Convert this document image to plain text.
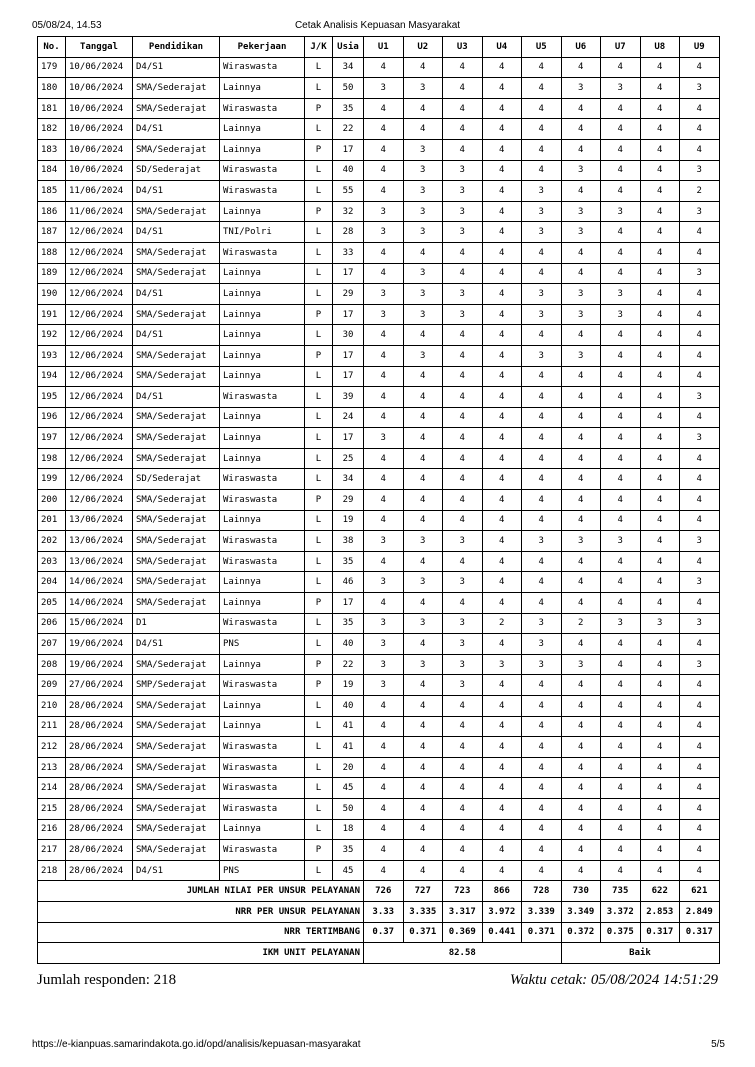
05/08/24, 14.53	Cetak Analisis Kepuasan Masyarakat
No.	Tanggal	Pendidikan	Pekerjaan	J/K	Usia	U1	U2	U3	U4	U5	U6	U7	U8	U9
179	10/06/2024	D4/S1	Wiraswasta	L	34	4	4	4	4	4	4	4	4	4
180	10/06/2024	SMA/Sederajat	Lainnya	L	50	3	3	4	4	4	3	3	4	3
181	10/06/2024	SMA/Sederajat	Wiraswasta	P	35	4	4	4	4	4	4	4	4	4
182	10/06/2024	D4/S1	Lainnya	L	22	4	4	4	4	4	4	4	4	4
183	10/06/2024	SMA/Sederajat	Lainnya	P	17	4	3	4	4	4	4	4	4	4
184	10/06/2024	SD/Sederajat	Wiraswasta	L	40	4	3	3	4	4	3	4	4	3
185	11/06/2024	D4/S1	Wiraswasta	L	55	4	3	3	4	3	4	4	4	2
186	11/06/2024	SMA/Sederajat	Lainnya	P	32	3	3	3	4	3	3	3	4	3
187	12/06/2024	D4/S1	TNI/Polri	L	28	3	3	3	4	3	3	4	4	4
188	12/06/2024	SMA/Sederajat	Wiraswasta	L	33	4	4	4	4	4	4	4	4	4
189	12/06/2024	SMA/Sederajat	Lainnya	L	17	4	3	4	4	4	4	4	4	3
190	12/06/2024	D4/S1	Lainnya	L	29	3	3	3	4	3	3	3	4	4
191	12/06/2024	SMA/Sederajat	Lainnya	P	17	3	3	3	4	3	3	3	4	4
192	12/06/2024	D4/S1	Lainnya	L	30	4	4	4	4	4	4	4	4	4
193	12/06/2024	SMA/Sederajat	Lainnya	P	17	4	3	4	4	3	3	4	4	4
194	12/06/2024	SMA/Sederajat	Lainnya	L	17	4	4	4	4	4	4	4	4	4
195	12/06/2024	D4/S1	Wiraswasta	L	39	4	4	4	4	4	4	4	4	3
196	12/06/2024	SMA/Sederajat	Lainnya	L	24	4	4	4	4	4	4	4	4	4
197	12/06/2024	SMA/Sederajat	Lainnya	L	17	3	4	4	4	4	4	4	4	3
198	12/06/2024	SMA/Sederajat	Lainnya	L	25	4	4	4	4	4	4	4	4	4
199	12/06/2024	SD/Sederajat	Wiraswasta	L	34	4	4	4	4	4	4	4	4	4
200	12/06/2024	SMA/Sederajat	Wiraswasta	P	29	4	4	4	4	4	4	4	4	4
201	13/06/2024	SMA/Sederajat	Lainnya	L	19	4	4	4	4	4	4	4	4	4
202	13/06/2024	SMA/Sederajat	Wiraswasta	L	38	3	3	3	4	3	3	3	4	3
203	13/06/2024	SMA/Sederajat	Wiraswasta	L	35	4	4	4	4	4	4	4	4	4
204	14/06/2024	SMA/Sederajat	Lainnya	L	46	3	3	3	4	4	4	4	4	3
205	14/06/2024	SMA/Sederajat	Lainnya	P	17	4	4	4	4	4	4	4	4	4
206	15/06/2024	D1	Wiraswasta	L	35	3	3	3	2	3	2	3	3	3
207	19/06/2024	D4/S1	PNS	L	40	3	4	3	4	3	4	4	4	4
208	19/06/2024	SMA/Sederajat	Lainnya	P	22	3	3	3	3	3	3	4	4	3
209	27/06/2024	SMP/Sederajat	Wiraswasta	P	19	3	4	3	4	4	4	4	4	4
210	28/06/2024	SMA/Sederajat	Lainnya	L	40	4	4	4	4	4	4	4	4	4
211	28/06/2024	SMA/Sederajat	Lainnya	L	41	4	4	4	4	4	4	4	4	4
212	28/06/2024	SMA/Sederajat	Wiraswasta	L	41	4	4	4	4	4	4	4	4	4
213	28/06/2024	SMA/Sederajat	Wiraswasta	L	20	4	4	4	4	4	4	4	4	4
214	28/06/2024	SMA/Sederajat	Wiraswasta	L	45	4	4	4	4	4	4	4	4	4
215	28/06/2024	SMA/Sederajat	Wiraswasta	L	50	4	4	4	4	4	4	4	4	4
216	28/06/2024	SMA/Sederajat	Lainnya	L	18	4	4	4	4	4	4	4	4	4
217	28/06/2024	SMA/Sederajat	Wiraswasta	P	35	4	4	4	4	4	4	4	4	4
218	28/06/2024	D4/S1	PNS	L	45	4	4	4	4	4	4	4	4	4
JUMLAH NILAI PER UNSUR PELAYANAN						726	727	723	866	728	730	735	622	621
NRR PER UNSUR PELAYANAN						3.33	3.335	3.317	3.972	3.339	3.349	3.372	2.853	2.849
NRR TERTIMBANG						0.37	0.371	0.369	0.441	0.371	0.372	0.375	0.317	0.317
IKM UNIT PELAYANAN						82.58					Baik			
Jumlah responden: 218	Waktu cetak: 05/08/2024 14:51:29
https://e-kianpuas.samarindakota.go.id/opd/analisis/kepuasan-masyarakat	5/5
